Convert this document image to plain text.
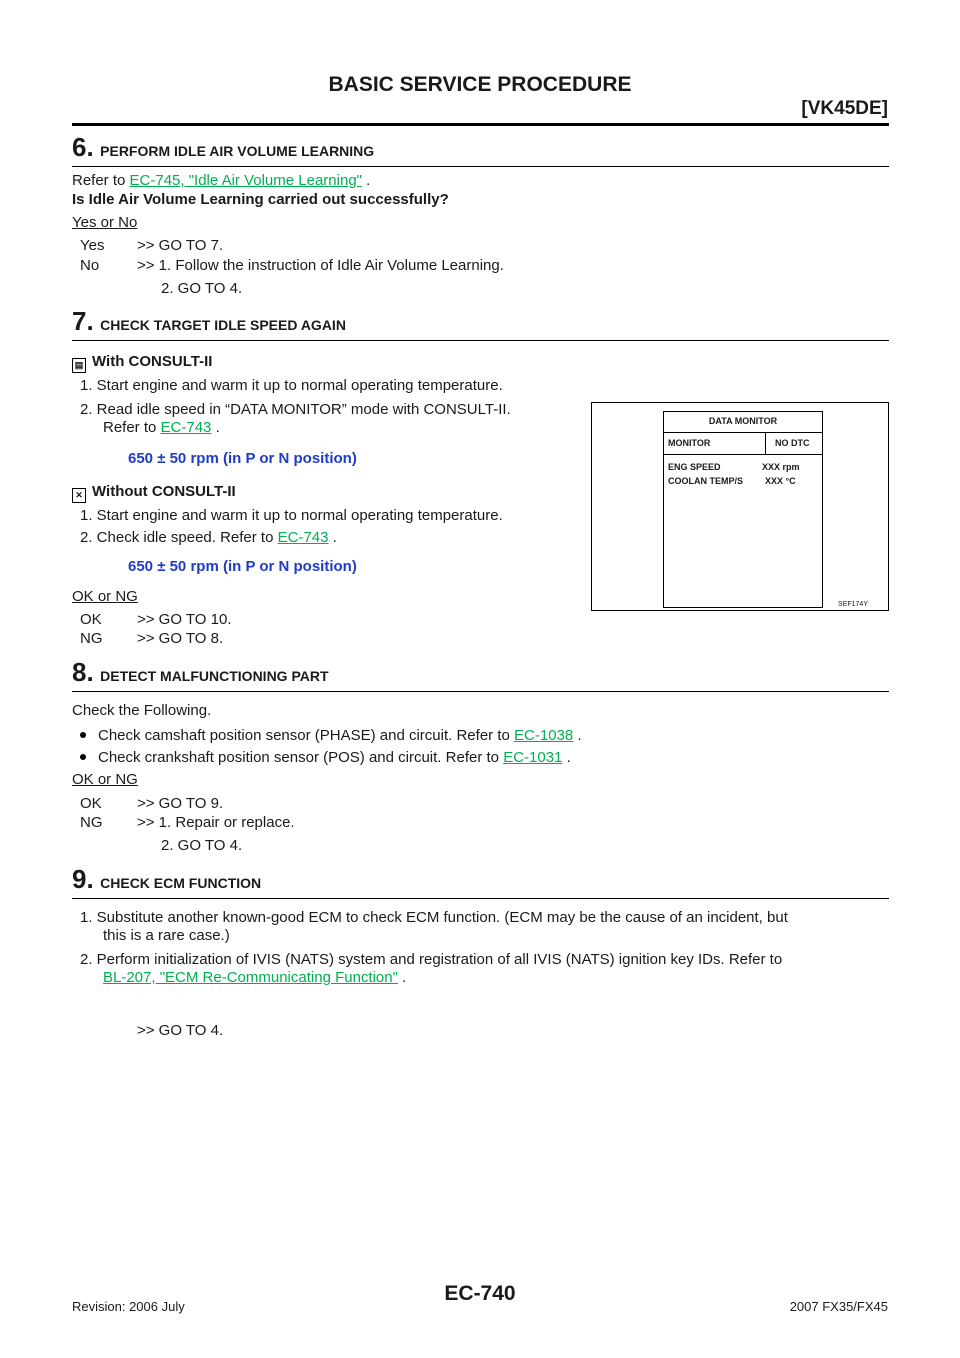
BASIC SERVICE PROCEDURE
[VK45DE]
6. PERFORM IDLE AIR VOLUME LEARNING
Refer to EC-745, "Idle Air Volume Learning" .
Is Idle Air Volume Learning carried out successfully?
Yes or No
Yes >> GO TO 7.
No	>> 1. Follow the instruction of Idle Air Volume Learning.
2. GO TO 4.
7. CHECK TARGET IDLE SPEED AGAIN
▤ With CONSULT-II
1. Start engine and warm it up to normal operating temperature.
2. Read idle speed in “DATA MONITOR” mode with CONSULT-II.
Refer to EC-743 .
650 ± 50 rpm (in P or N position)
✕ Without CONSULT-II
1. Start engine and warm it up to normal operating temperature.
2. Check idle speed. Refer to EC-743 .
650 ± 50 rpm (in P or N position)
OK or NG
OK >> GO TO 10.
NG >> GO TO 8.
DATA MONITOR
MONITOR	NO DTC
ENG SPEED	XXX rpm
COOLAN TEMP/S XXX °C
SEF174Y
8. DETECT MALFUNCTIONING PART
Check the Following.
Check camshaft position sensor (PHASE) and circuit. Refer to EC-1038 .
Check crankshaft position sensor (POS) and circuit. Refer to EC-1031 .
OK or NG
OK >> GO TO 9.
NG >> 1. Repair or replace.
2. GO TO 4.
9. CHECK ECM FUNCTION
1. Substitute another known-good ECM to check ECM function. (ECM may be the cause of an incident, but
this is a rare case.)
2. Perform initialization of IVIS (NATS) system and registration of all IVIS (NATS) ignition key IDs. Refer to
BL-207, "ECM Re-Communicating Function" .
>> GO TO 4.
EC-740
Revision: 2006 July	2007 FX35/FX45
